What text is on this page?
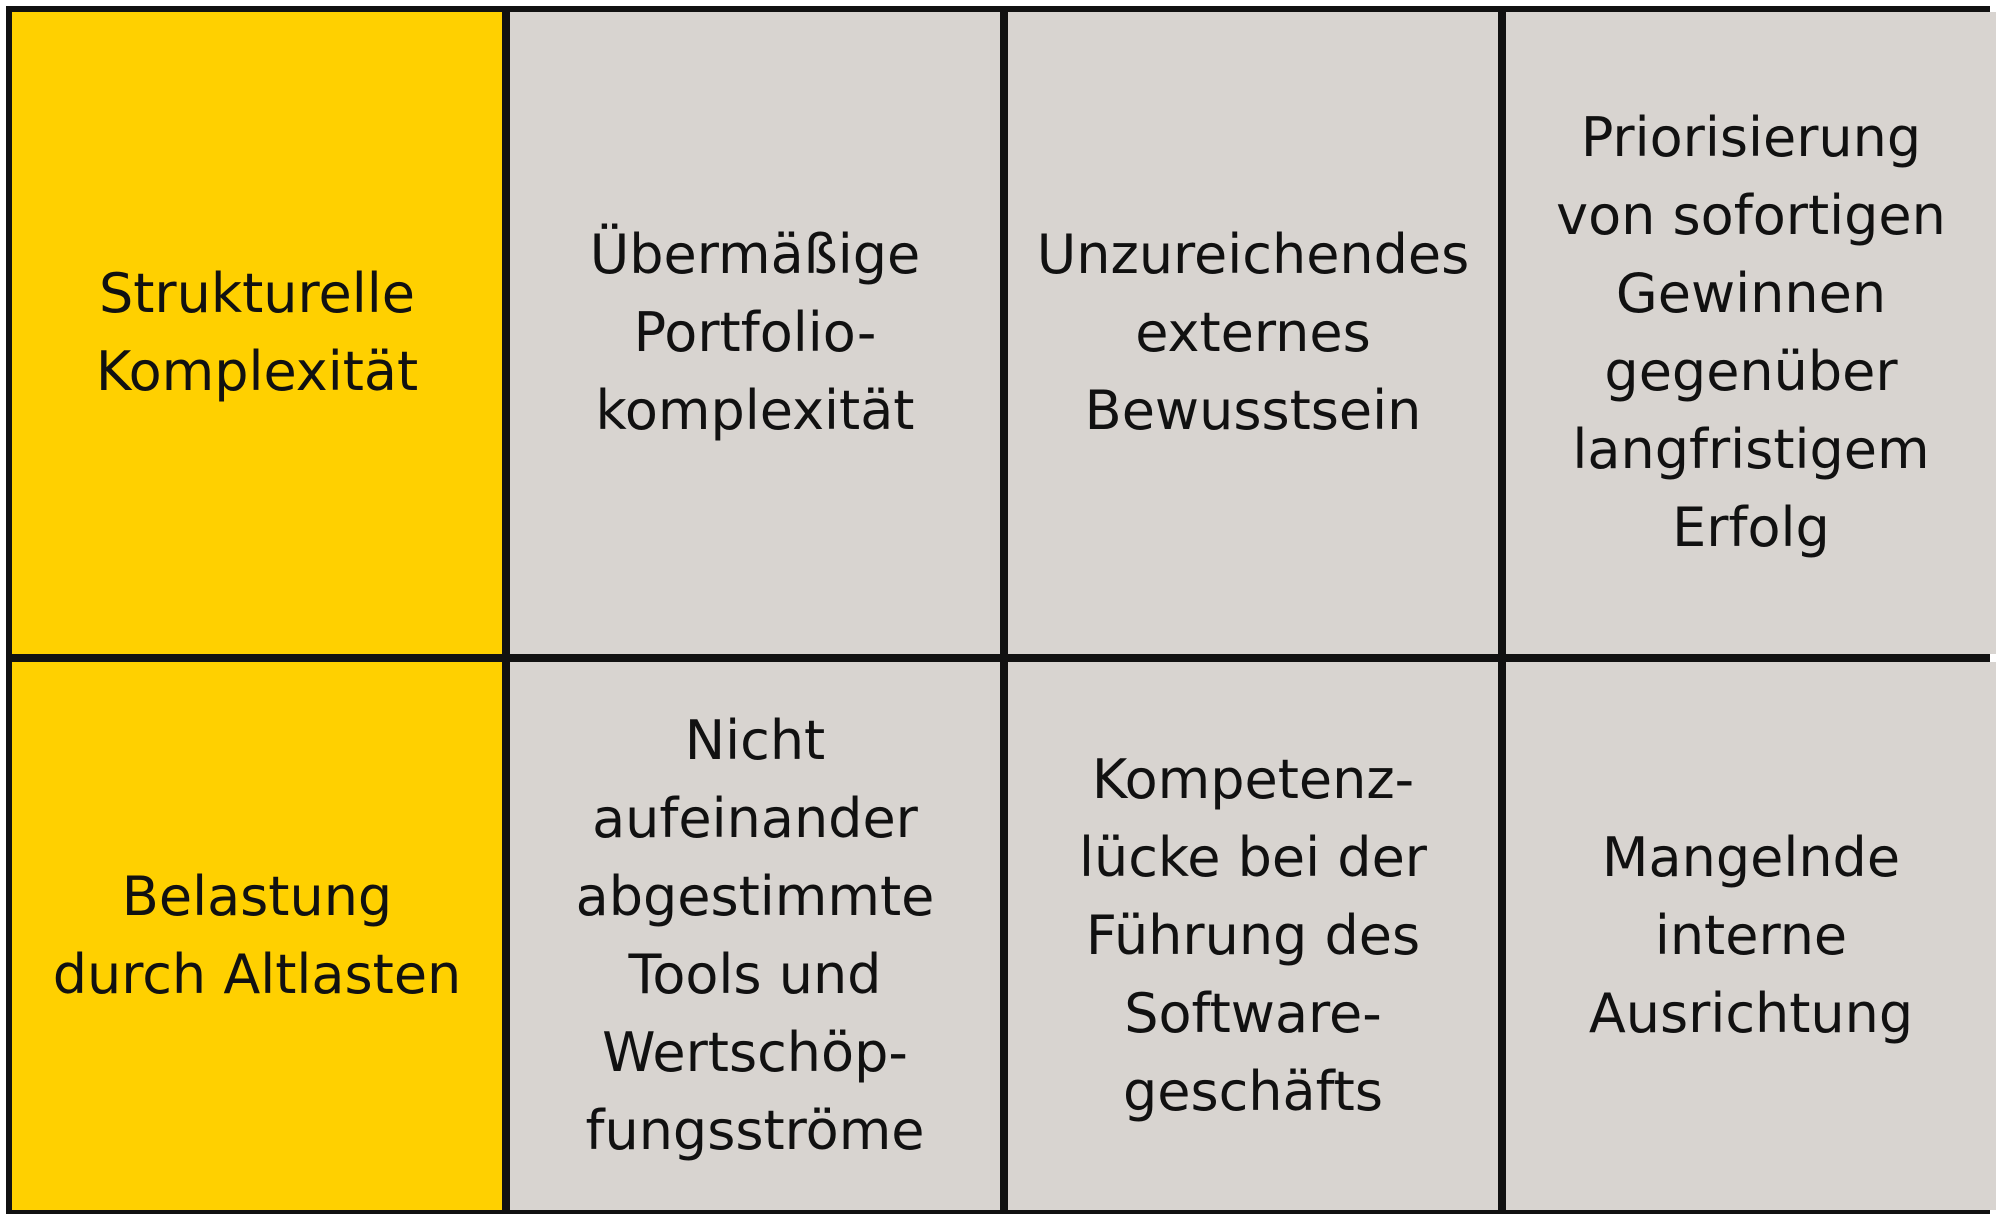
Strukturelle
Komplexität
Übermäßige
Portfolio-
komplexität
Unzureichendes
externes
Bewusstsein
Priorisierung
von sofortigen
Gewinnen
gegenüber
langfristigem
Erfolg
Belastung
durch Altlasten
Nicht
aufeinander
abgestimmte
Tools und
Wertschöp-
fungsströme
Kompetenz-
lücke bei der
Führung des
Software-
geschäfts
Mangelnde
interne
Ausrichtung
